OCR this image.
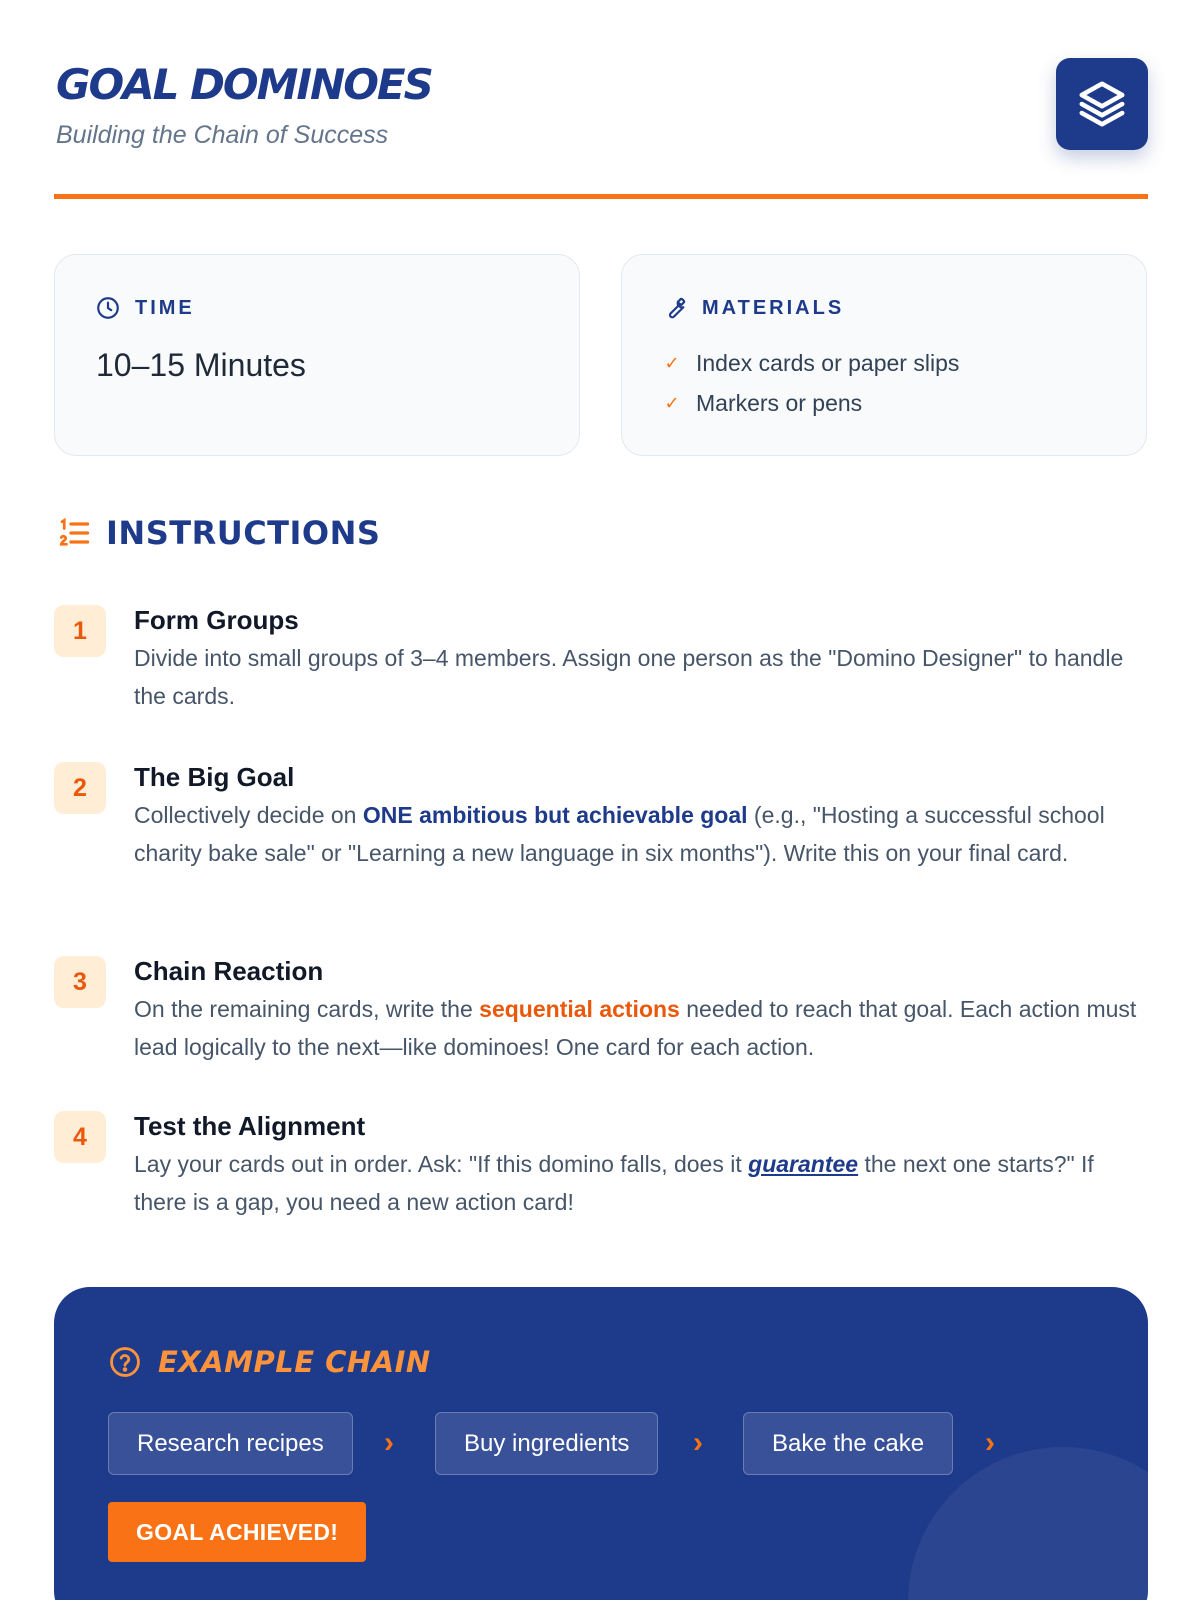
GOAL DOMINOES
Building the Chain of Success
TIME
10–15 Minutes
MATERIALS
✓ Index cards or paper slips
✓ Markers or pens
INSTRUCTIONS
1	Form Groups
Divide into small groups of 3–4 members. Assign one person as the "Domino Designer" to handle the cards.
2	The Big Goal
Collectively decide on ONE ambitious but achievable goal (e.g., "Hosting a successful school charity bake sale" or "Learning a new language in six months"). Write this on your final card.
3	Chain Reaction
On the remaining cards, write the sequential actions needed to reach that goal. Each action must lead logically to the next—like dominoes! One card for each action.
4	Test the Alignment
Lay your cards out in order. Ask: "If this domino falls, does it guarantee the next one starts?" If there is a gap, you need a new action card!
EXAMPLE CHAIN
Research recipes	›	Buy ingredients	›	Bake the cake	›
GOAL ACHIEVED!
